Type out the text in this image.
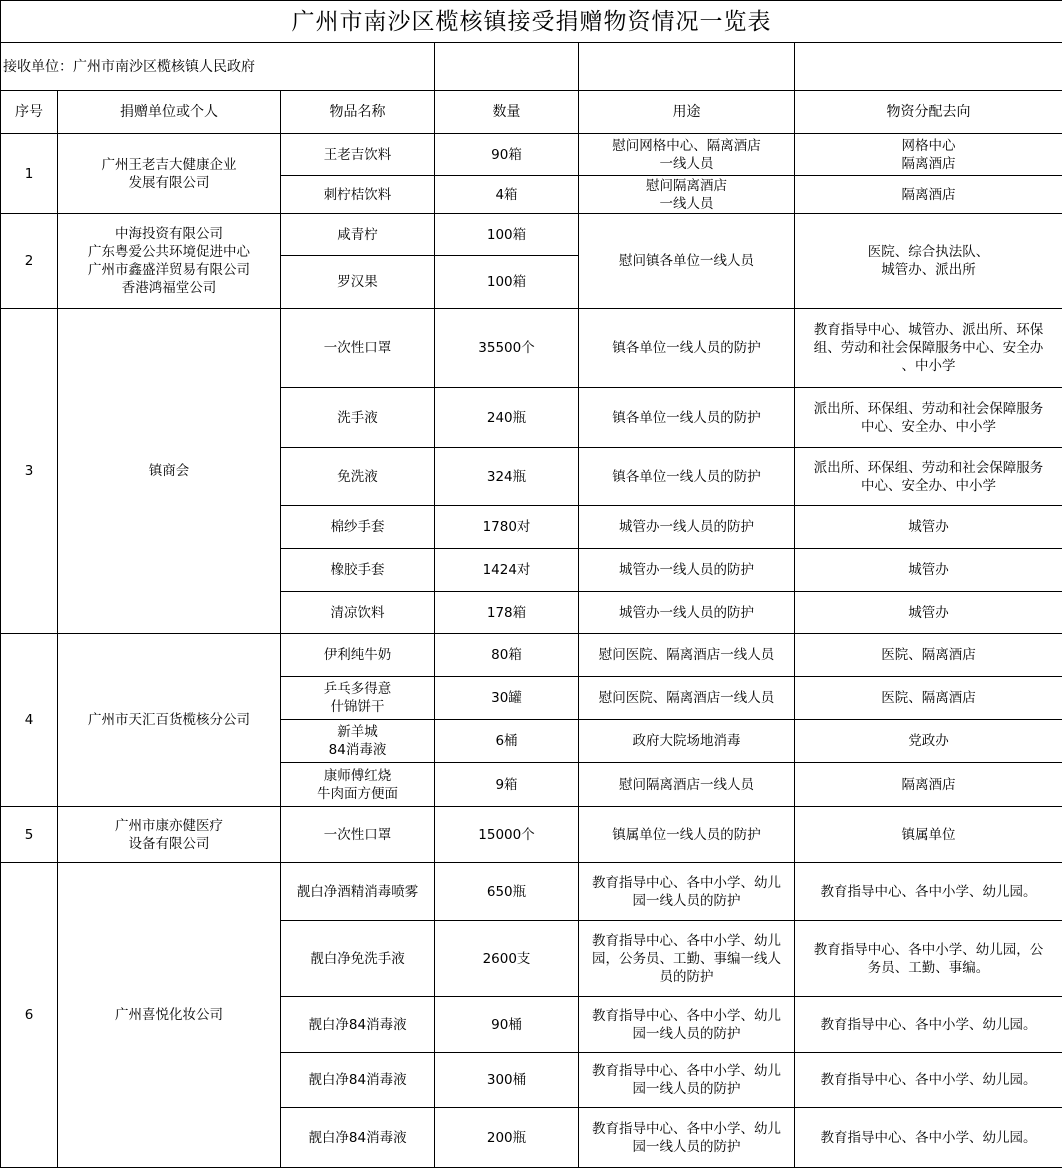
广州市南沙区榄核镇接受捐赠物资情况一览表					
接收单位：广州市南沙区榄核镇人民政府					
序号	捐赠单位或个人	物品名称	数量	用途	物资分配去向
1	广州王老吉大健康企业
发展有限公司	王老吉饮料	90箱	慰问网格中心、隔离酒店
一线人员	网格中心
隔离酒店
		刺柠桔饮料	4箱	慰问隔离酒店
一线人员	隔离酒店
2	中海投资有限公司
广东粤爱公共环境促进中心
广州市鑫盛洋贸易有限公司
香港鸿福堂公司	咸青柠	100箱	慰问镇各单位一线人员	医院、综合执法队、
城管办、派出所
		罗汉果	100箱		
3	镇商会	一次性口罩	35500个	镇各单位一线人员的防护	教育指导中心、城管办、派出所、环保
组、劳动和社会保障服务中心、安全办
、中小学
		洗手液	240瓶	镇各单位一线人员的防护	派出所、环保组、劳动和社会保障服务
中心、安全办、中小学
		免洗液	324瓶	镇各单位一线人员的防护	派出所、环保组、劳动和社会保障服务
中心、安全办、中小学
		棉纱手套	1780对	城管办一线人员的防护	城管办
		橡胶手套	1424对	城管办一线人员的防护	城管办
		清凉饮料	178箱	城管办一线人员的防护	城管办
4	广州市天汇百货榄核分公司	伊利纯牛奶	80箱	慰问医院、隔离酒店一线人员	医院、隔离酒店
		乒乓多得意
什锦饼干	30罐	慰问医院、隔离酒店一线人员	医院、隔离酒店
		新羊城
84消毒液	6桶	政府大院场地消毒	党政办
		康师傅红烧
牛肉面方便面	9箱	慰问隔离酒店一线人员	隔离酒店
5	广州市康亦健医疗
设备有限公司	一次性口罩	15000个	镇属单位一线人员的防护	镇属单位
6	广州喜悦化妆公司	靓白净酒精消毒喷雾	650瓶	教育指导中心、各中小学、幼儿
园一线人员的防护	教育指导中心、各中小学、幼儿园。
		靓白净免洗手液	2600支	教育指导中心、各中小学、幼儿
园，公务员、工勤、事编一线人
员的防护	教育指导中心、各中小学、幼儿园，公
务员、工勤、事编。
		靓白净84消毒液	90桶	教育指导中心、各中小学、幼儿
园一线人员的防护	教育指导中心、各中小学、幼儿园。
		靓白净84消毒液	300桶	教育指导中心、各中小学、幼儿
园一线人员的防护	教育指导中心、各中小学、幼儿园。
		靓白净84消毒液	200瓶	教育指导中心、各中小学、幼儿
园一线人员的防护	教育指导中心、各中小学、幼儿园。
